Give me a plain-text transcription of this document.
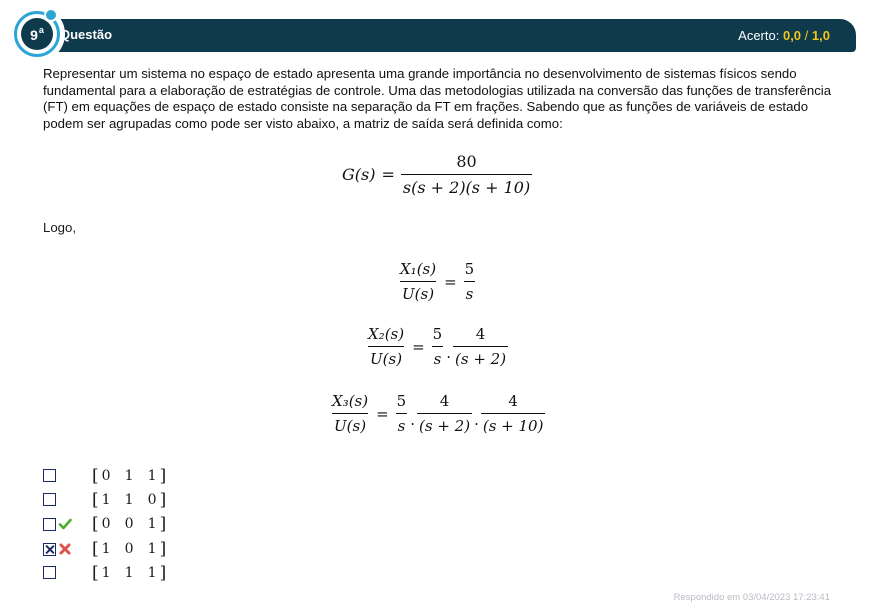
9$^a$ Questão	Acerto: 0,0 / 1,0
Representar um sistema no espaço de estado apresenta uma grande importância no desenvolvimento de sistemas físicos sendo fundamental para a elaboração de estratégias de controle. Uma das metodologias utilizada na conversão das funções de transferência (FT) em equações de espaço de estado consiste na separação da FT em frações. Sabendo que as funções de variáveis de estado podem ser agrupadas como pode ser visto abaixo, a matriz de saída será definida como:
$G(s) = \frac{80}{s(s + 2)(s + 10)}$
Logo,
$\frac{\text{X₁(s)}}{U(s)} = \frac{5}{s}$
$\frac{\text{X₂(s)}}{U(s)} = \frac{5}{s}$ . $\frac{4}{(s + 2)}$
$\frac{\text{X₃(s)}}{U(s)} = \frac{5}{s}$ . $\frac{4}{(s + 2)}$ . $\frac{4}{(s + 10)}$
[ 0 1 1 ]
[ 1 1 0 ]
[ 0 0 1 ]
[ 1 0 1 ]
[ 1 1 1 ]
Respondido em 03/04/2023 17:23:41
